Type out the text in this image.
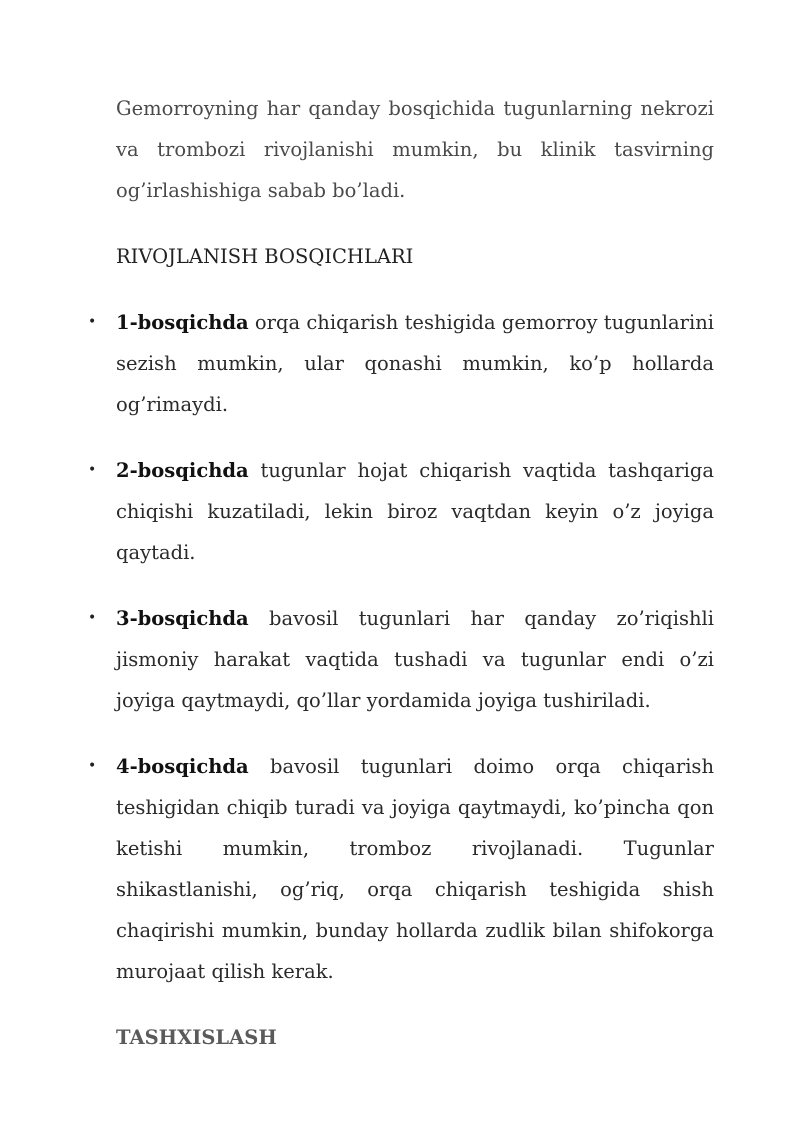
Gemorroyning har qanday bosqichida tugunlarning nekrozi va trombozi rivojlanishi mumkin, bu klinik tasvirning og’irlashishiga sabab bo’ladi.

RIVOJLANISH BOSQICHLARI

• 1-bosqichda orqa chiqarish teshigida gemorroy tugunlarini sezish mumkin, ular qonashi mumkin, ko’p hollarda og’rimaydi.
• 2-bosqichda tugunlar hojat chiqarish vaqtida tashqariga chiqishi kuzatiladi, lekin biroz vaqtdan keyin o’z joyiga qaytadi.
• 3-bosqichda bavosil tugunlari har qanday zo’riqishli jismoniy harakat vaqtida tushadi va tugunlar endi o’zi joyiga qaytmaydi, qo’llar yordamida joyiga tushiriladi.
• 4-bosqichda bavosil tugunlari doimo orqa chiqarish teshigidan chiqib turadi va joyiga qaytmaydi, ko’pincha qon ketishi mumkin, tromboz rivojlanadi. Tugunlar shikastlanishi, og’riq, orqa chiqarish teshigida shish chaqirishi mumkin, bunday hollarda zudlik bilan shifokorga murojaat qilish kerak.

TASHXISLASH
